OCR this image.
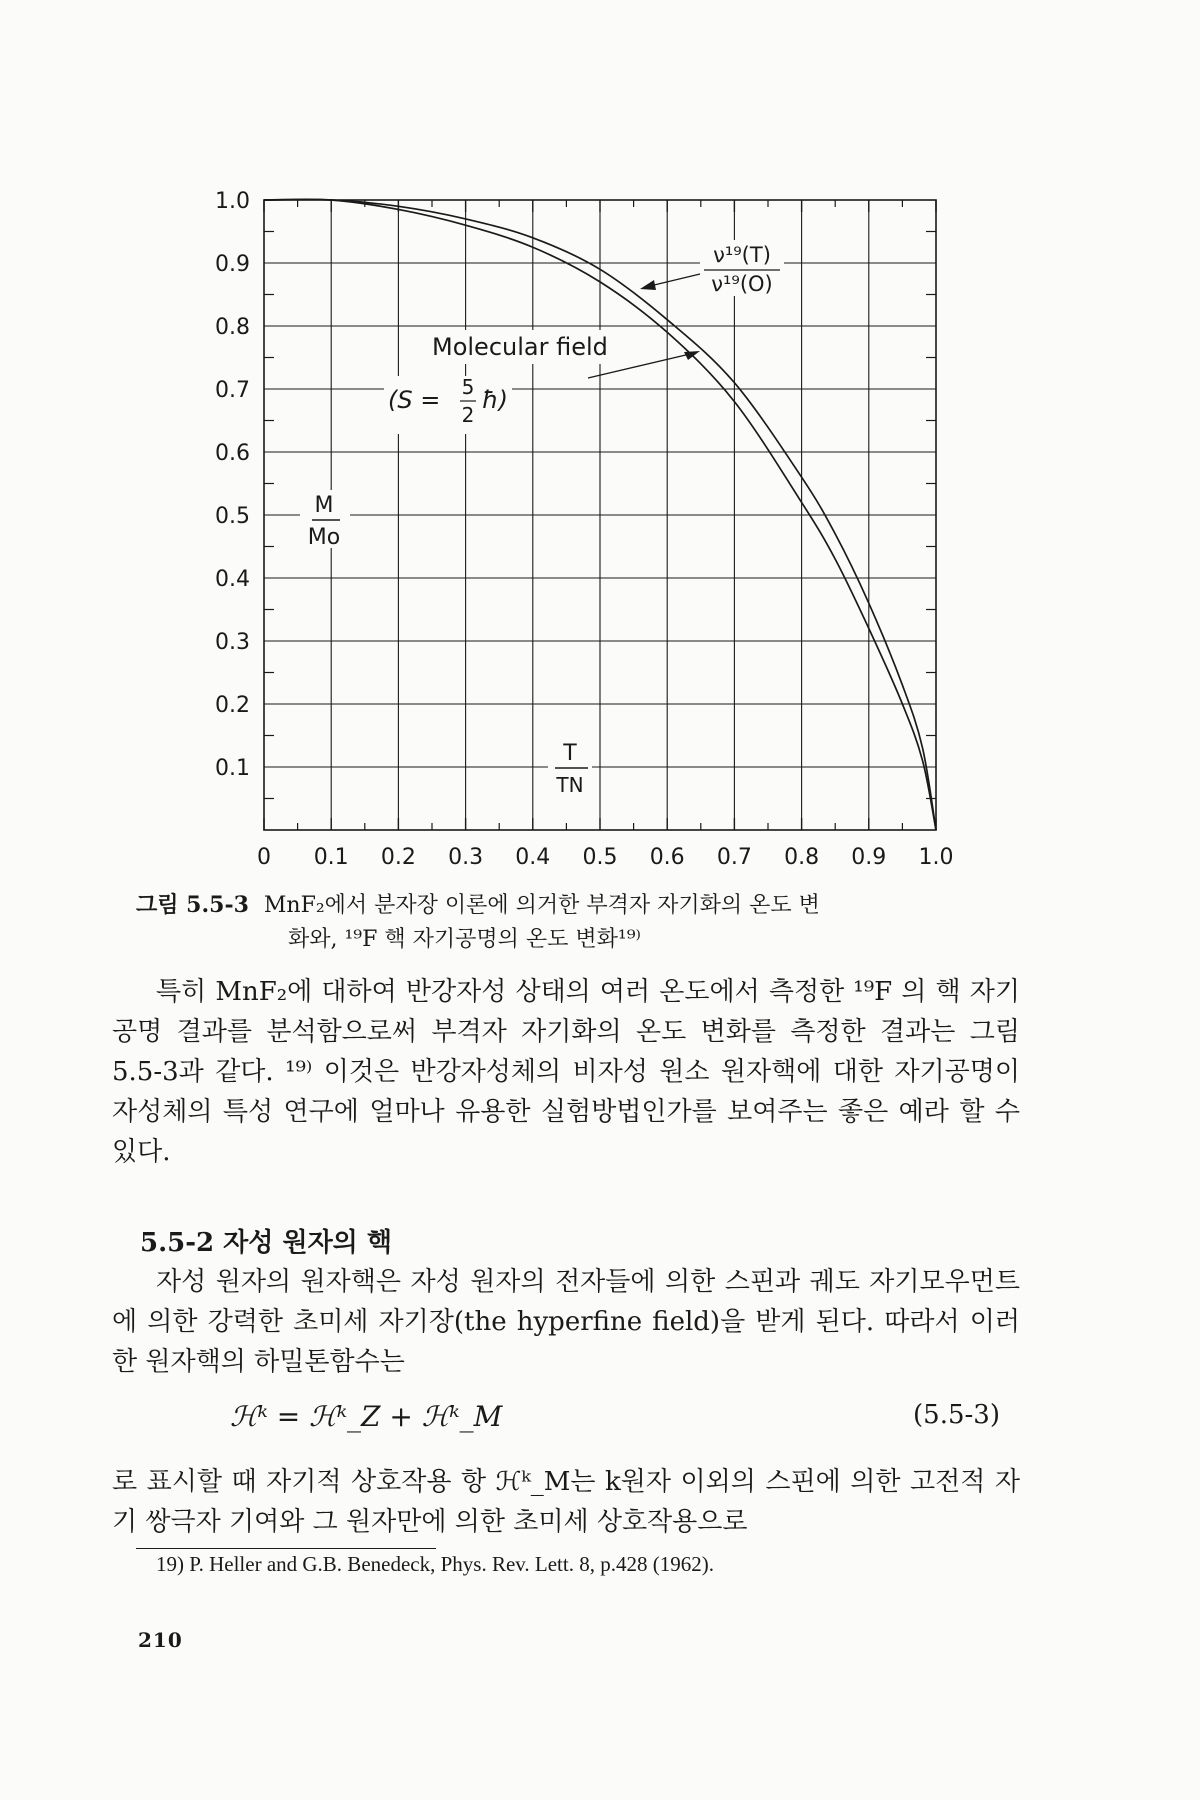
0 0.1 0.2 0.3 0.4 0.5 0.6 0.7 0.8 0.9 1.0
1.0
0.9
0.8
0.7
0.6
0.5
0.4
0.3
0.2
0.1
M
Mo
T
TN
Molecular field
(S = 5
2
ħ)
ν¹⁹(T)
ν¹⁹(O)
그림 5.5-3 MnF₂에서 분자장 이론에 의거한 부격자 자기화의 온도 변
화와, ¹⁹F 핵 자기공명의 온도 변화¹⁹⁾

특히 MnF₂에 대하여 반강자성 상태의 여러 온도에서 측정한 ¹⁹F 의 핵 자기공명 결과를 분석함으로써 부격자 자기화의 온도 변화를 측정한 결과는 그림 5.5-3과 같다. ¹⁹⁾ 이것은 반강자성체의 비자성 원소 원자핵에 대한 자기공명이 자성체의 특성 연구에 얼마나 유용한 실험방법인가를 보여주는 좋은 예라 할 수 있다.

5.5-2 자성 원자의 핵

자성 원자의 원자핵은 자성 원자의 전자들에 의한 스핀과 궤도 자기모우먼트에 의한 강력한 초미세 자기장(the hyperfine field)을 받게 된다. 따라서 이러한 원자핵의 하밀톤함수는

ℋᵏ = ℋᵏ_Z + ℋᵏ_M	(5.5-3)

로 표시할 때 자기적 상호작용 항 ℋᵏ_M는 k원자 이외의 스핀에 의한 고전적 자기 쌍극자 기여와 그 원자만에 의한 초미세 상호작용으로

19) P. Heller and G.B. Benedeck, Phys. Rev. Lett. 8, p.428 (1962).
210
